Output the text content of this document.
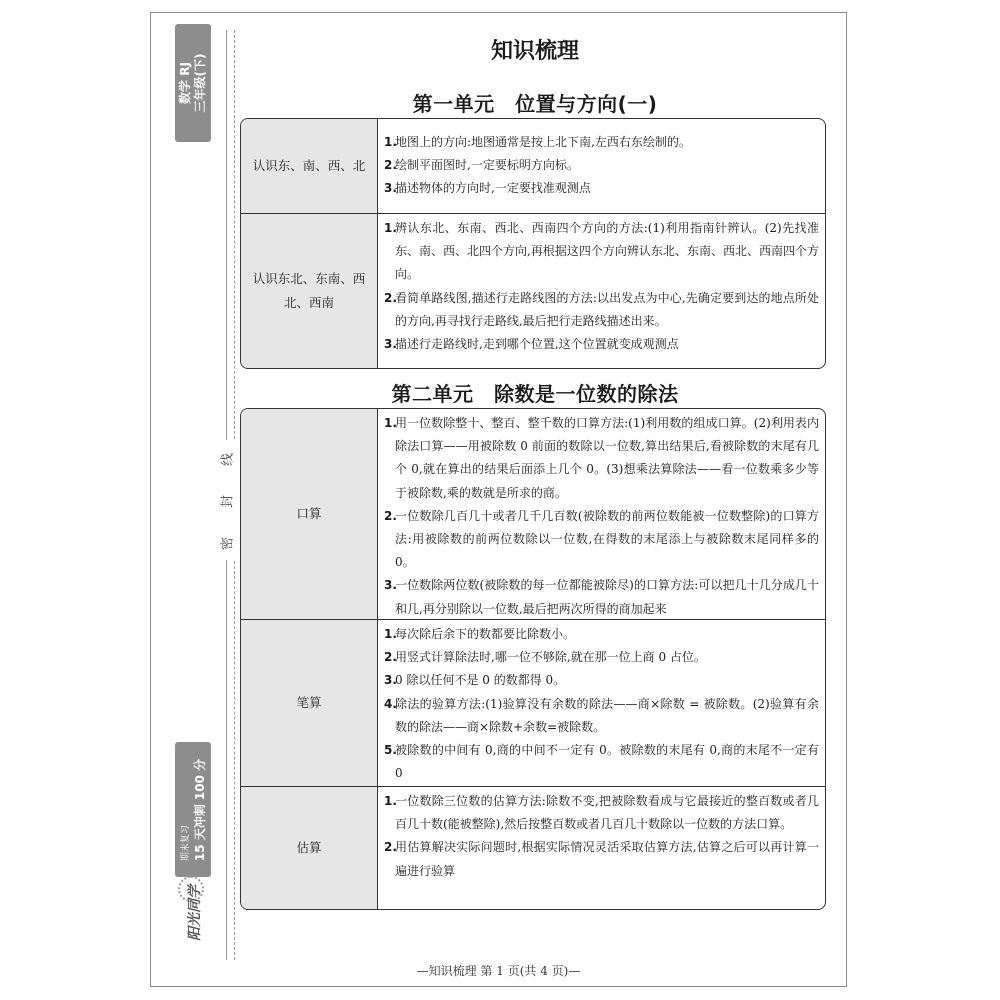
数学 RJ 三年级(下)
线
封
密
期末复习 15 天冲刺 100 分
阳光同学
知识梳理
第一单元　位置与方向(一)
认识东、南、西、北
1.
地图上的方向:地图通常是按上北下南,左西右东绘制的。
2.
绘制平面图时,一定要标明方向标。
3.
描述物体的方向时,一定要找准观测点
认识东北、东南、西北、西南
1.
辨认东北、东南、西北、西南四个方向的方法:(1)利用指南针辨认。(2)先找准东、南、西、北四个方向,再根据这四个方向辨认东北、东南、西北、西南四个方向。
2.
看简单路线图,描述行走路线图的方法:以出发点为中心,先确定要到达的地点所处的方向,再寻找行走路线,最后把行走路线描述出来。
3.
描述行走路线时,走到哪个位置,这个位置就变成观测点
第二单元　除数是一位数的除法
口算
1.
用一位数除整十、整百、整千数的口算方法:(1)利用数的组成口算。(2)利用表内除法口算——用被除数 0 前面的数除以一位数,算出结果后,看被除数的末尾有几个 0,就在算出的结果后面添上几个 0。(3)想乘法算除法——看一位数乘多少等于被除数,乘的数就是所求的商。
2.
一位数除几百几十或者几千几百数(被除数的前两位数能被一位数整除)的口算方法:用被除数的前两位数除以一位数,在得数的末尾添上与被除数末尾同样多的 0。
3.
一位数除两位数(被除数的每一位都能被除尽)的口算方法:可以把几十几分成几十和几,再分别除以一位数,最后把两次所得的商加起来
笔算
1.
每次除后余下的数都要比除数小。
2.
用竖式计算除法时,哪一位不够除,就在那一位上商 0 占位。
3.
0 除以任何不是 0 的数都得 0。
4.
除法的验算方法:(1)验算没有余数的除法——商×除数 = 被除数。(2)验算有余数的除法——商×除数+余数=被除数。
5.
被除数的中间有 0,商的中间不一定有 0。被除数的末尾有 0,商的末尾不一定有 0
估算
1.
一位数除三位数的估算方法:除数不变,把被除数看成与它最接近的整百数或者几百几十数(能被整除),然后按整百数或者几百几十数除以一位数的方法口算。
2.
用估算解决实际问题时,根据实际情况灵活采取估算方法,估算之后可以再计算一遍进行验算
—知识梳理 第 1 页(共 4 页)—
